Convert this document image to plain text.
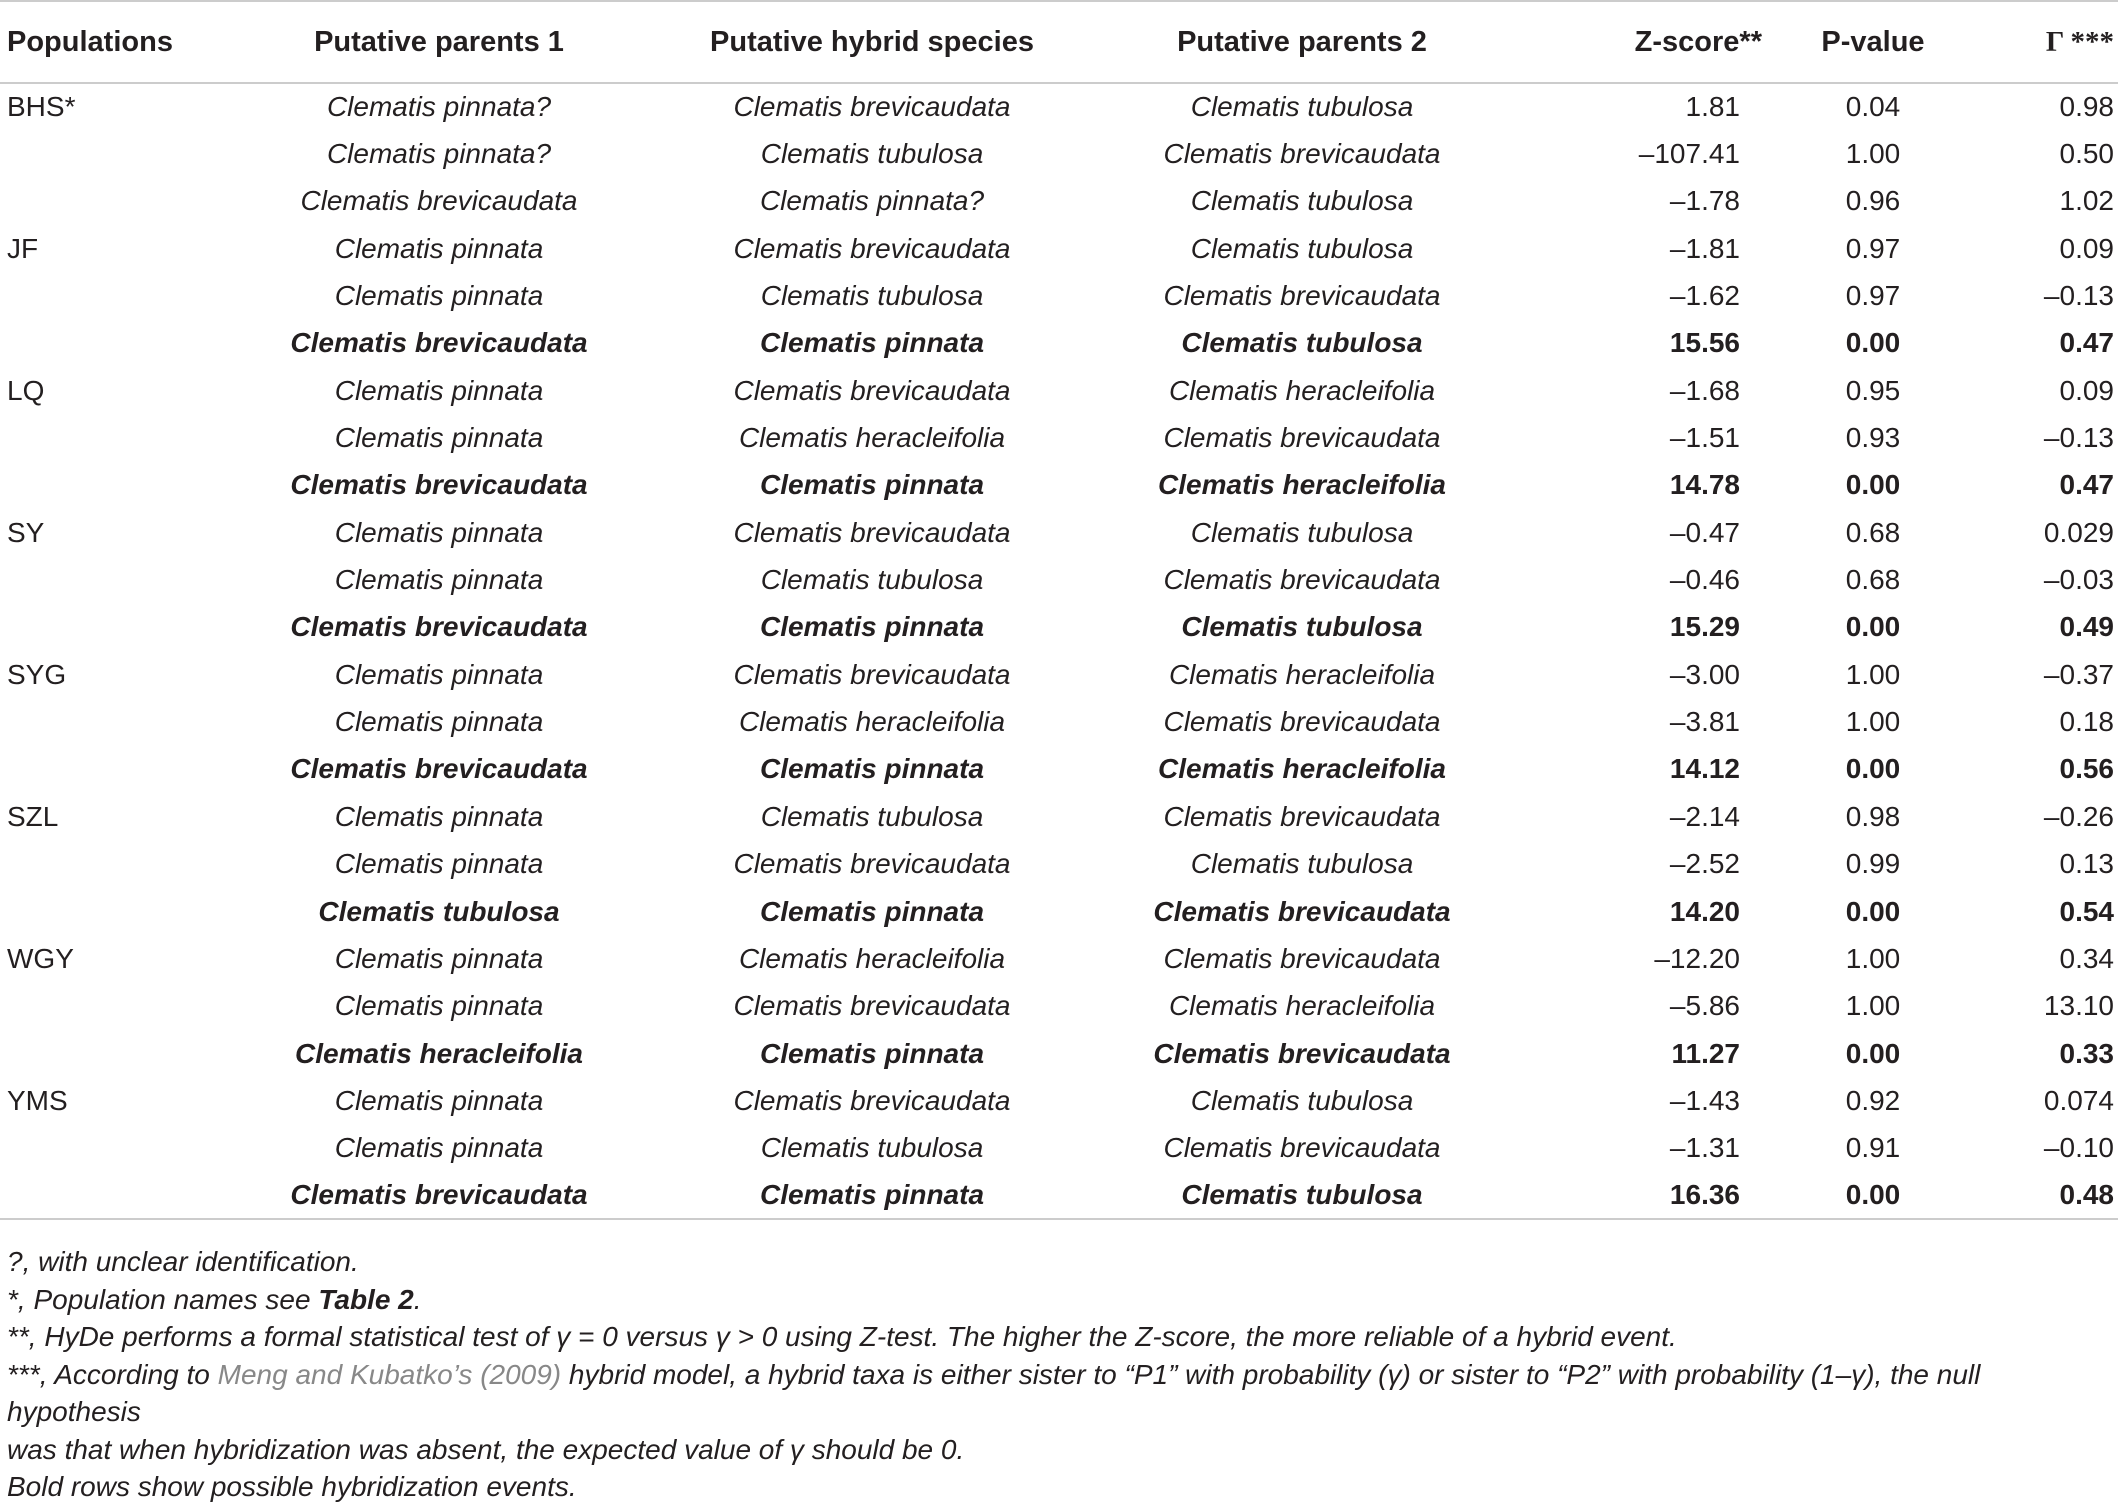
Populations	Putative parents 1	Putative hybrid species	Putative parents 2	Z-score**	P-value	Γ ***
BHS*	Clematis pinnata?	Clematis brevicaudata	Clematis tubulosa	1.81	0.04	0.98
	Clematis pinnata?	Clematis tubulosa	Clematis brevicaudata	–107.41	1.00	0.50
	Clematis brevicaudata	Clematis pinnata?	Clematis tubulosa	–1.78	0.96	1.02
JF	Clematis pinnata	Clematis brevicaudata	Clematis tubulosa	–1.81	0.97	0.09
	Clematis pinnata	Clematis tubulosa	Clematis brevicaudata	–1.62	0.97	–0.13
	Clematis brevicaudata	Clematis pinnata	Clematis tubulosa	15.56	0.00	0.47
LQ	Clematis pinnata	Clematis brevicaudata	Clematis heracleifolia	–1.68	0.95	0.09
	Clematis pinnata	Clematis heracleifolia	Clematis brevicaudata	–1.51	0.93	–0.13
	Clematis brevicaudata	Clematis pinnata	Clematis heracleifolia	14.78	0.00	0.47
SY	Clematis pinnata	Clematis brevicaudata	Clematis tubulosa	–0.47	0.68	0.029
	Clematis pinnata	Clematis tubulosa	Clematis brevicaudata	–0.46	0.68	–0.03
	Clematis brevicaudata	Clematis pinnata	Clematis tubulosa	15.29	0.00	0.49
SYG	Clematis pinnata	Clematis brevicaudata	Clematis heracleifolia	–3.00	1.00	–0.37
	Clematis pinnata	Clematis heracleifolia	Clematis brevicaudata	–3.81	1.00	0.18
	Clematis brevicaudata	Clematis pinnata	Clematis heracleifolia	14.12	0.00	0.56
SZL	Clematis pinnata	Clematis tubulosa	Clematis brevicaudata	–2.14	0.98	–0.26
	Clematis pinnata	Clematis brevicaudata	Clematis tubulosa	–2.52	0.99	0.13
	Clematis tubulosa	Clematis pinnata	Clematis brevicaudata	14.20	0.00	0.54
WGY	Clematis pinnata	Clematis heracleifolia	Clematis brevicaudata	–12.20	1.00	0.34
	Clematis pinnata	Clematis brevicaudata	Clematis heracleifolia	–5.86	1.00	13.10
	Clematis heracleifolia	Clematis pinnata	Clematis brevicaudata	11.27	0.00	0.33
YMS	Clematis pinnata	Clematis brevicaudata	Clematis tubulosa	–1.43	0.92	0.074
	Clematis pinnata	Clematis tubulosa	Clematis brevicaudata	–1.31	0.91	–0.10
	Clematis brevicaudata	Clematis pinnata	Clematis tubulosa	16.36	0.00	0.48

?, with unclear identification.

*, Population names see Table 2.

**, HyDe performs a formal statistical test of γ = 0 versus γ > 0 using Z-test. The higher the Z-score, the more reliable of a hybrid event.

***, According to Meng and Kubatko’s (2009) hybrid model, a hybrid taxa is either sister to “P1” with probability (γ) or sister to “P2” with probability (1–γ), the null hypothesis

was that when hybridization was absent, the expected value of γ should be 0.

Bold rows show possible hybridization events.
